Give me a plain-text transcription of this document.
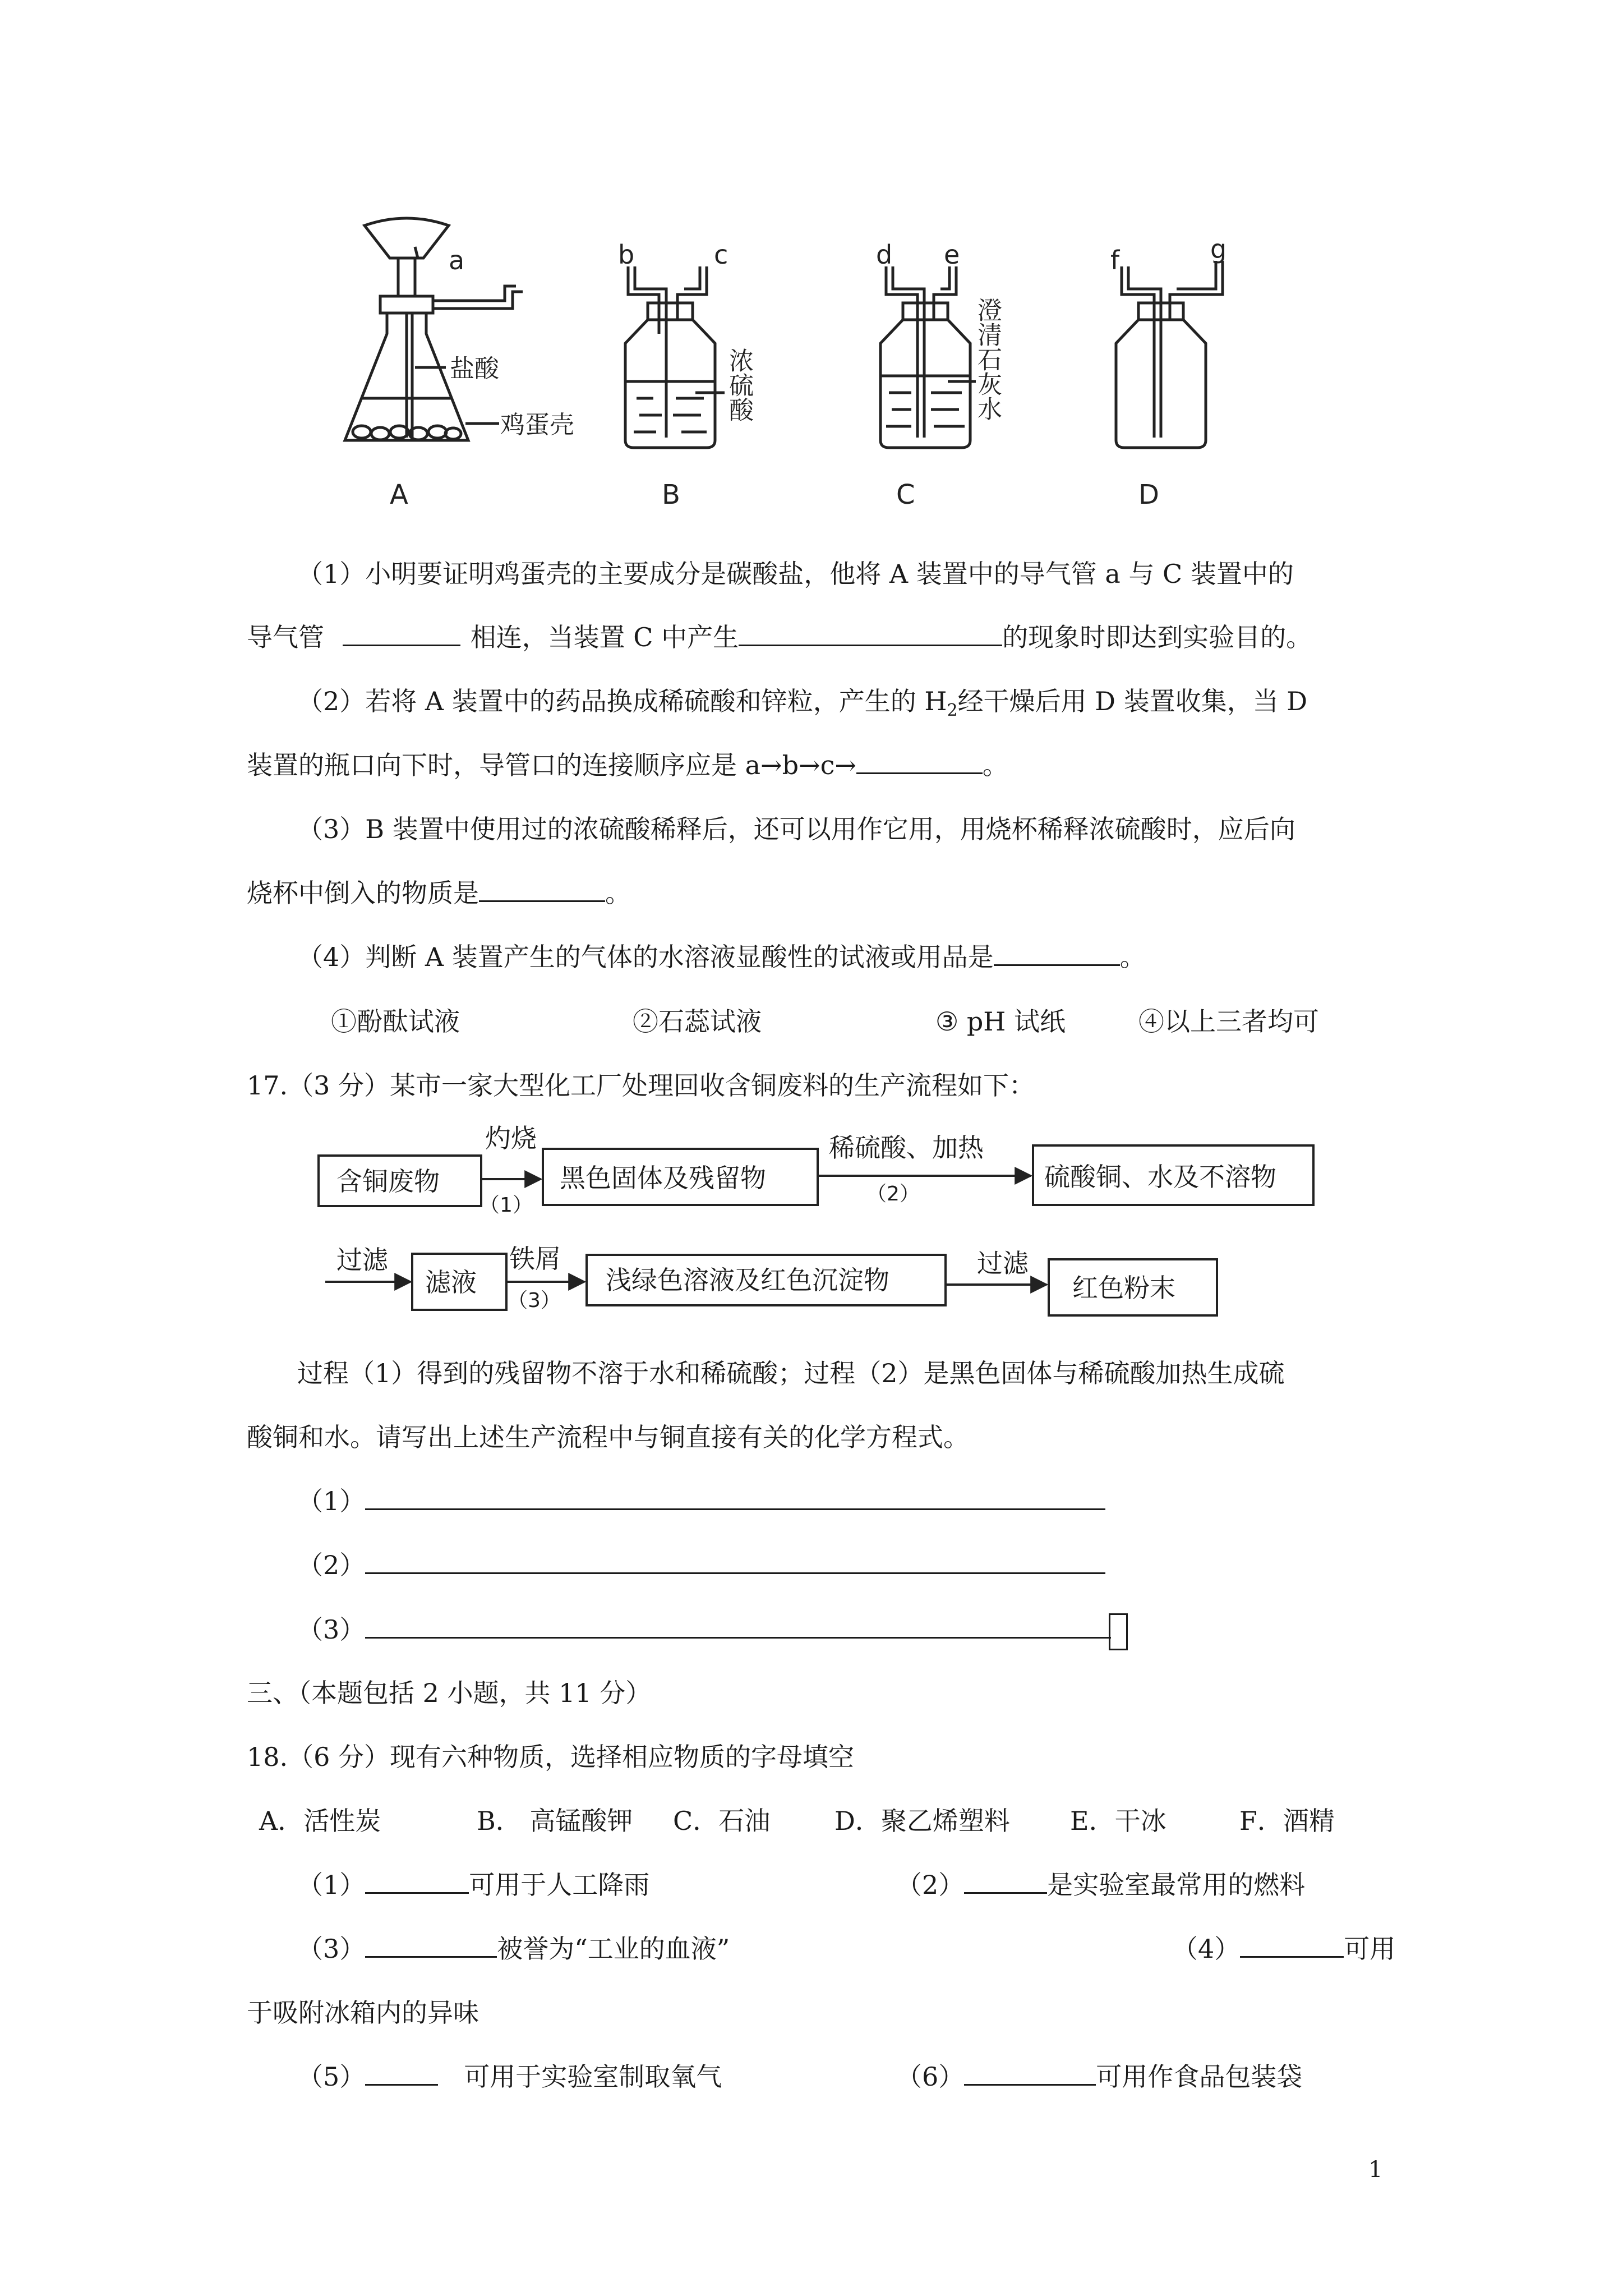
a	b	c	d e	f	g
盐酸
鸡蛋壳
浓硫酸	澄清石灰水
A	B	C	D
（1）小明要证明鸡蛋壳的主要成分是碳酸盐，他将 A 装置中的导气管 a 与 C 装置中的
导气管	相连，当装置 C 中产生	的现象时即达到实验目的。
（2）若将 A 装置中的药品换成稀硫酸和锌粒，产生的 $H_2$经干燥后用 D 装置收集，当 D
装置的瓶口向下时，导管口的连接顺序应是 a→b→c→	。
（3）B 装置中使用过的浓硫酸稀释后，还可以用作它用，用烧杯稀释浓硫酸时，应后向
烧杯中倒入的物质是	。
（4）判断 A 装置产生的气体的水溶液显酸性的试液或用品是	。
①酚酞试液	②石蕊试液	③ pH 试纸	④以上三者均可
17.（3 分）某市一家大型化工厂处理回收含铜废料的生产流程如下：
含铜废物
灼烧
（1）
黑色固体及残留物
稀硫酸、加热
（2）
硫酸铜、水及不溶物
过滤
滤液
铁屑
（3）
浅绿色溶液及红色沉淀物
过滤
红色粉末
过程（1）得到的残留物不溶于水和稀硫酸；过程（2）是黑色固体与稀硫酸加热生成硫
酸铜和水。请写出上述生产流程中与铜直接有关的化学方程式。
（1）
（2）
（3）
三、（本题包括 2 小题，共 11 分）
18.（6 分）现有六种物质，选择相应物质的字母填空
A．活性炭	B． 高锰酸钾 C．石油 D．聚乙烯塑料 E．干冰	F．酒精
（1）	可用于人工降雨	（2）	是实验室最常用的燃料
（3）	被誉为“工业的血液”	（4）	可用
于吸附冰箱内的异味
（5）	可用于实验室制取氧气	（6）	可用作食品包装袋
1
